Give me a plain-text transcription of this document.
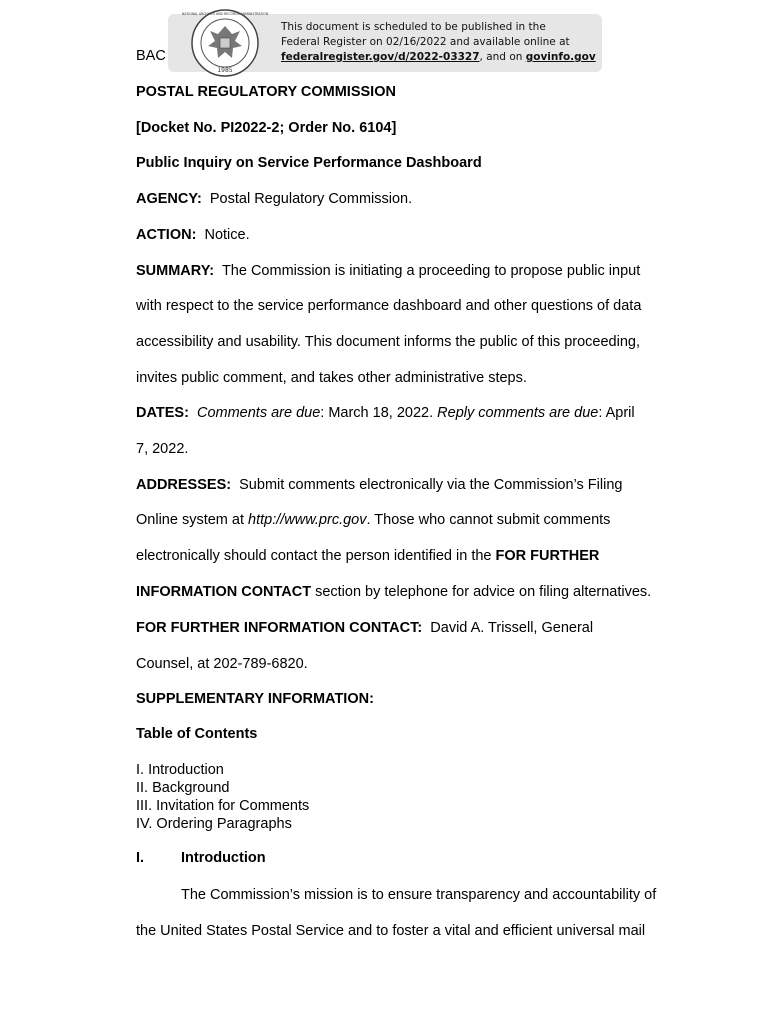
1985
NATIONAL ARCHIVES AND RECORDS ADMINISTRATION
This document is scheduled to be published in the
Federal Register on 02/16/2022 and available online at
federalregister.gov/d/2022-03327, and on govinfo.gov
BAC
POSTAL REGULATORY COMMISSION
[Docket No. PI2022-2; Order No. 6104]
Public Inquiry on Service Performance Dashboard
AGENCY: Postal Regulatory Commission.
ACTION: Notice.
SUMMARY: The Commission is initiating a proceeding to propose public input
with respect to the service performance dashboard and other questions of data
accessibility and usability. This document informs the public of this proceeding,
invites public comment, and takes other administrative steps.
DATES: Comments are due: March 18, 2022. Reply comments are due: April
7, 2022.
ADDRESSES: Submit comments electronically via the Commission’s Filing
Online system at http://www.prc.gov. Those who cannot submit comments
electronically should contact the person identified in the FOR FURTHER
INFORMATION CONTACT section by telephone for advice on filing alternatives.
FOR FURTHER INFORMATION CONTACT: David A. Trissell, General
Counsel, at 202-789-6820.
SUPPLEMENTARY INFORMATION:
Table of Contents
I. Introduction
II. Background
III. Invitation for Comments
IV. Ordering Paragraphs
I.	Introduction
The Commission’s mission is to ensure transparency and accountability of
the United States Postal Service and to foster a vital and efficient universal mail
